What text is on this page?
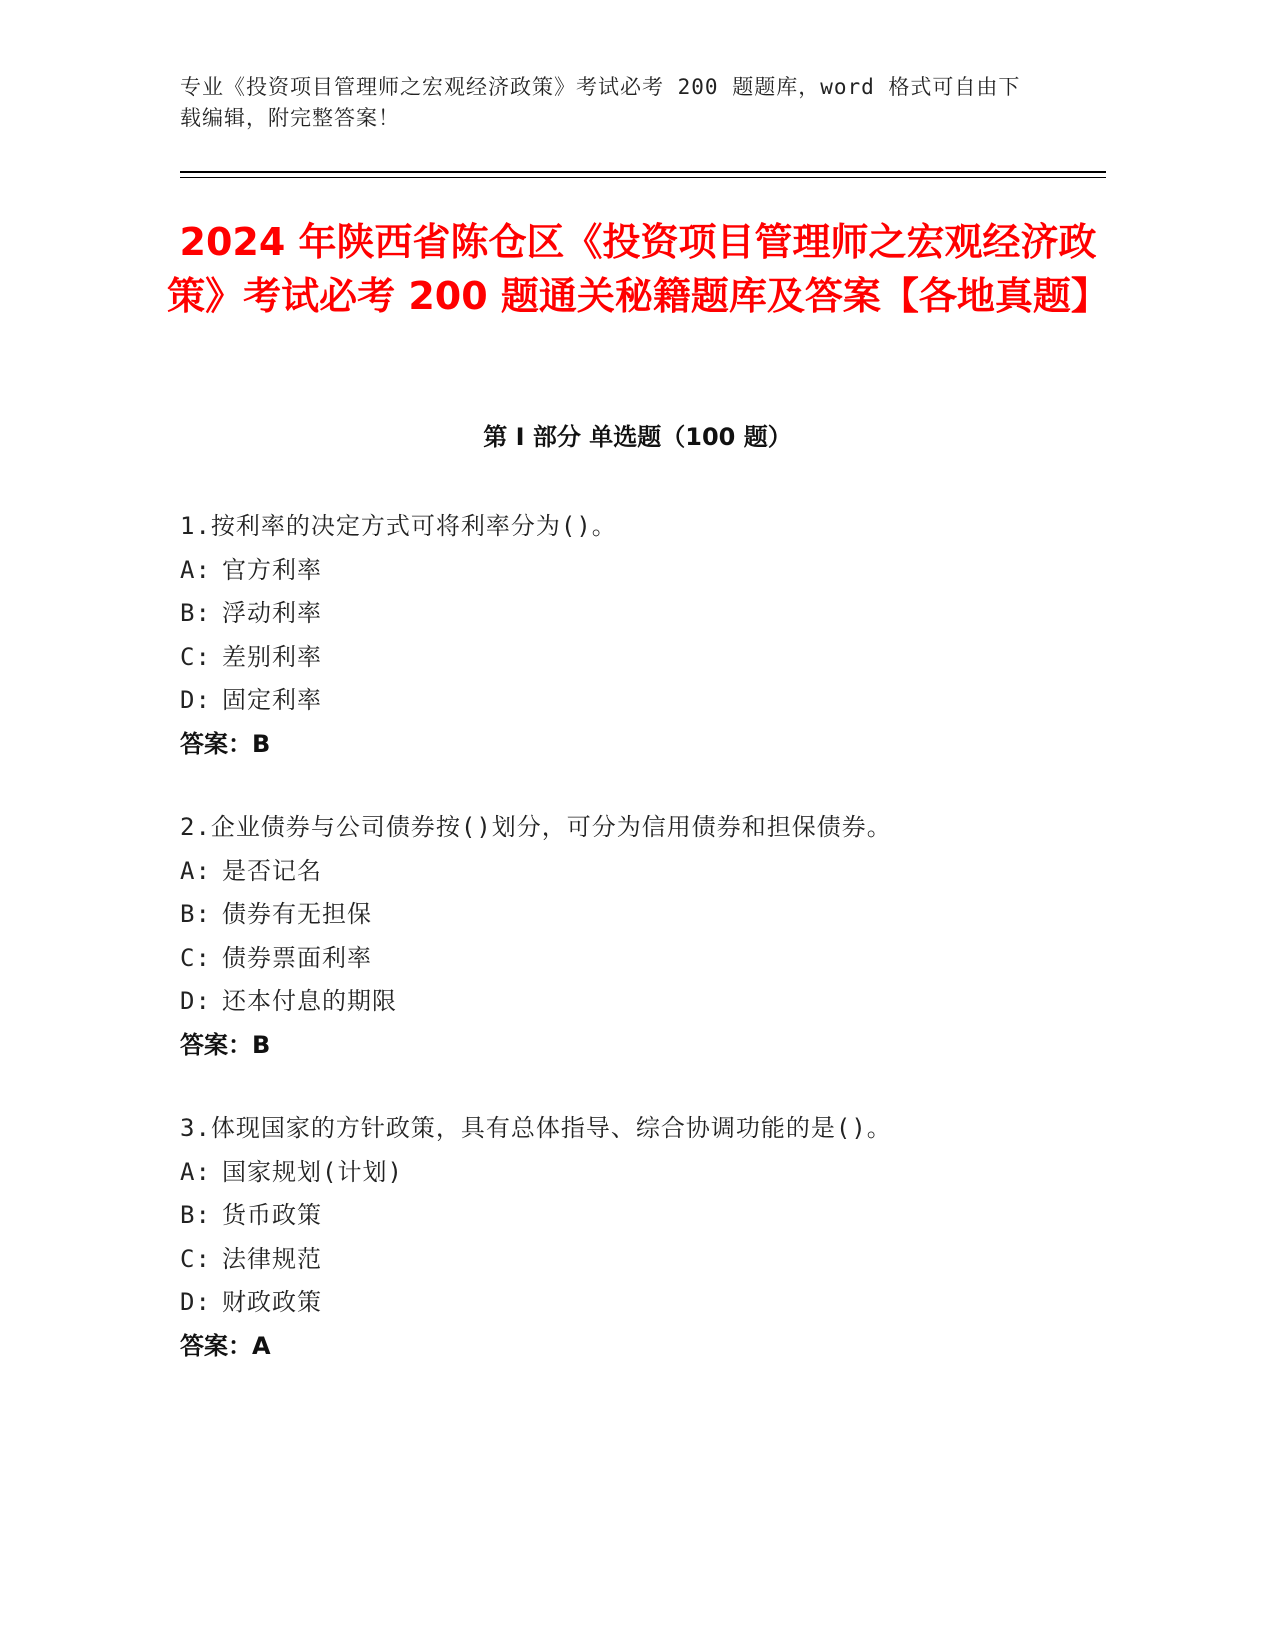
专业《投资项目管理师之宏观经济政策》考试必考 200 题题库，word 格式可自由下载编辑，附完整答案！
2024 年陕西省陈仓区《投资项目管理师之宏观经济政策》考试必考 200 题通关秘籍题库及答案【各地真题】
第 I 部分 单选题（100 题）
1.按利率的决定方式可将利率分为()。
A: 官方利率
B: 浮动利率
C: 差别利率
D: 固定利率
答案：B
2.企业债券与公司债券按()划分，可分为信用债券和担保债券。
A: 是否记名
B: 债券有无担保
C: 债券票面利率
D: 还本付息的期限
答案：B
3.体现国家的方针政策，具有总体指导、综合协调功能的是()。
A: 国家规划(计划)
B: 货币政策
C: 法律规范
D: 财政政策
答案：A
